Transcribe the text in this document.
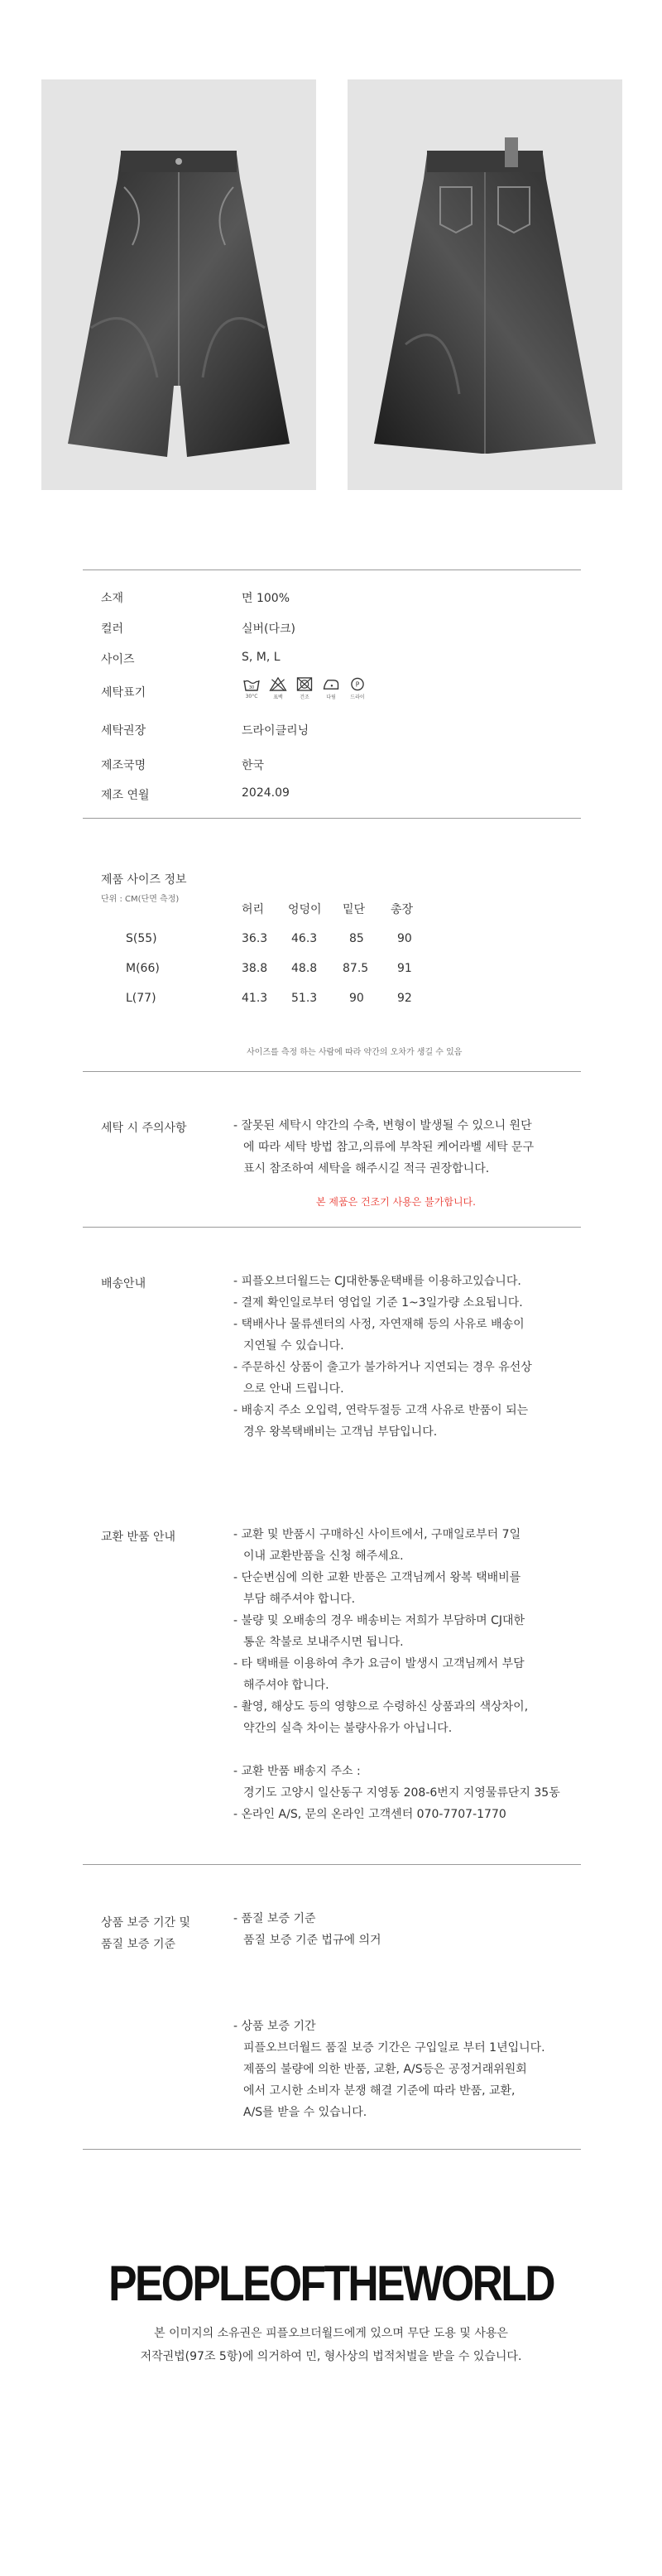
소재	면 100%
컬러	실버(다크)
사이즈	S, M, L
세탁표기	30
30°C	표백	건조	다림
P
드라이
세탁권장	드라이클리닝
제조국명	한국
제조 연월	2024.09
제품 사이즈 정보
단위 : CM(단면 측정)
허리 엉덩이 밑단 총장
S(55)	36.3 46.3	85	90
M(66)	38.8 48.8 87.5 91
L(77)	41.3 51.3	90	92
사이즈를 측정 하는 사람에 따라 약간의 오차가 생길 수 있음
세탁 시 주의사항	- 잘못된 세탁시 약간의 수축, 변형이 발생될 수 있으니 원단
에 따라 세탁 방법 참고,의류에 부착된 케어라벨 세탁 문구
표시 참조하여 세탁을 해주시길 적극 권장합니다.
본 제품은 건조기 사용은 불가합니다.
배송안내	- 피플오브더월드는 CJ대한통운택배를 이용하고있습니다.
- 결제 확인일로부터 영업일 기준 1~3일가량 소요됩니다.
- 택배사나 물류센터의 사정, 자연재해 등의 사유로 배송이
지연될 수 있습니다.
- 주문하신 상품이 출고가 불가하거나 지연되는 경우 유선상
으로 안내 드립니다.
- 배송지 주소 오입력, 연락두절등 고객 사유로 반품이 되는
경우 왕복택배비는 고객님 부담입니다.
교환 반품 안내	- 교환 및 반품시 구매하신 사이트에서, 구매일로부터 7일
이내 교환반품을 신청 해주세요.
- 단순변심에 의한 교환 반품은 고객님께서 왕복 택배비를
부담 해주셔야 합니다.
- 불량 및 오배송의 경우 배송비는 저희가 부담하며 CJ대한
통운 착불로 보내주시면 됩니다.
- 타 택배를 이용하여 추가 요금이 발생시 고객님께서 부담
해주셔야 합니다.
- 촬영, 해상도 등의 영향으로 수령하신 상품과의 색상차이,
약간의 실측 차이는 불량사유가 아닙니다.
- 교환 반품 배송지 주소 :
경기도 고양시 일산동구 지영동 208-6번지 지영물류단지 35동
- 온라인 A/S, 문의 온라인 고객센터 070-7707-1770
상품 보증 기간 및
품질 보증 기준
- 품질 보증 기준
품질 보증 기준 법규에 의거
- 상품 보증 기간
피플오브더월드 품질 보증 기간은 구입일로 부터 1년입니다.
제품의 불량에 의한 반품, 교환, A/S등은 공정거래위원회
에서 고시한 소비자 분쟁 해결 기준에 따라 반품, 교환,
A/S를 받을 수 있습니다.
PEOPLEOFTHEWORLD
본 이미지의 소유권은 피플오브더월드에게 있으며 무단 도용 및 사용은
저작권법(97조 5항)에 의거하여 민, 형사상의 법적처벌을 받을 수 있습니다.
